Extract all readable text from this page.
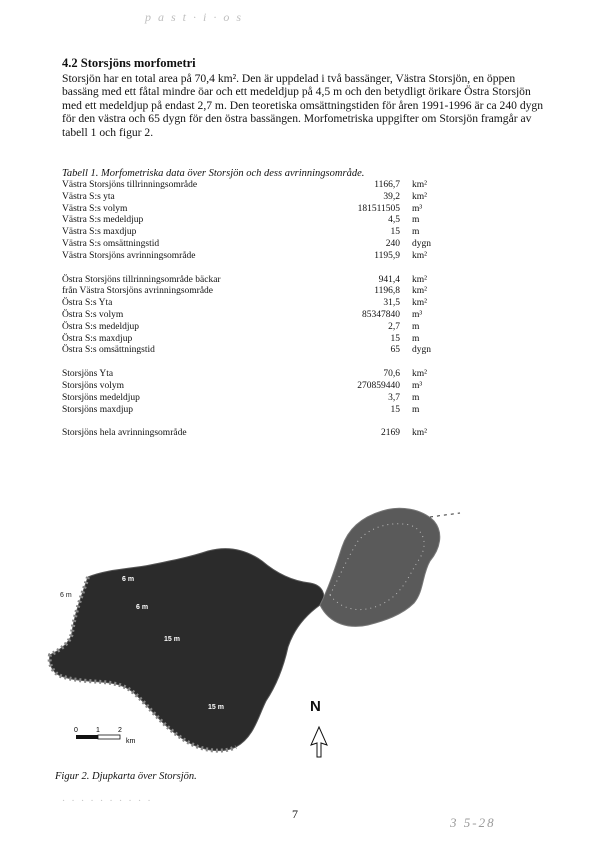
p a s t · i · o s
4.2 Storsjöns morfometri

Storsjön har en total area på 70,4 km². Den är uppdelad i två bassänger, Västra Storsjön, en öppen bassäng med ett fåtal mindre öar och ett medeldjup på 4,5 m och den betydligt örikare Östra Storsjön med ett medeldjup på endast 2,7 m. Den teoretiska omsättningstiden för åren 1991-1996 är ca 240 dygn för den västra och 65 dygn för den östra bassängen. Morfometriska uppgifter om Storsjön framgår av tabell 1 och figur 2.

Tabell 1. Morfometriska data över Storsjön och dess avrinningsområde.
Västra Storsjöns tillrinningsområde	1166,7	km²
Västra S:s yta	39,2	km²
Västra S:s volym	181511505	m³
Västra S:s medeldjup	4,5	m
Västra S:s maxdjup	15	m
Västra S:s omsättningstid	240	dygn
Västra Storsjöns avrinningsområde	1195,9	km²
Östra Storsjöns tillrinningsområde bäckar	941,4	km²
från Västra Storsjöns avrinningsområde	1196,8	km²
Östra S:s Yta	31,5	km²
Östra S:s volym	85347840	m³
Östra S:s medeldjup	2,7	m
Östra S:s maxdjup	15	m
Östra S:s omsättningstid	65	dygn
Storsjöns Yta	70,6	km²
Storsjöns volym	270859440	m³
Storsjöns medeldjup	3,7	m
Storsjöns maxdjup	15	m
Storsjöns hela avrinningsområde	2169	km²
6 m
6 m
15 m
15 m
6 m
0	1	2
km
N
Figur 2. Djupkarta över Storsjön.
· · · · · · · · · ·
7
3 5-28
